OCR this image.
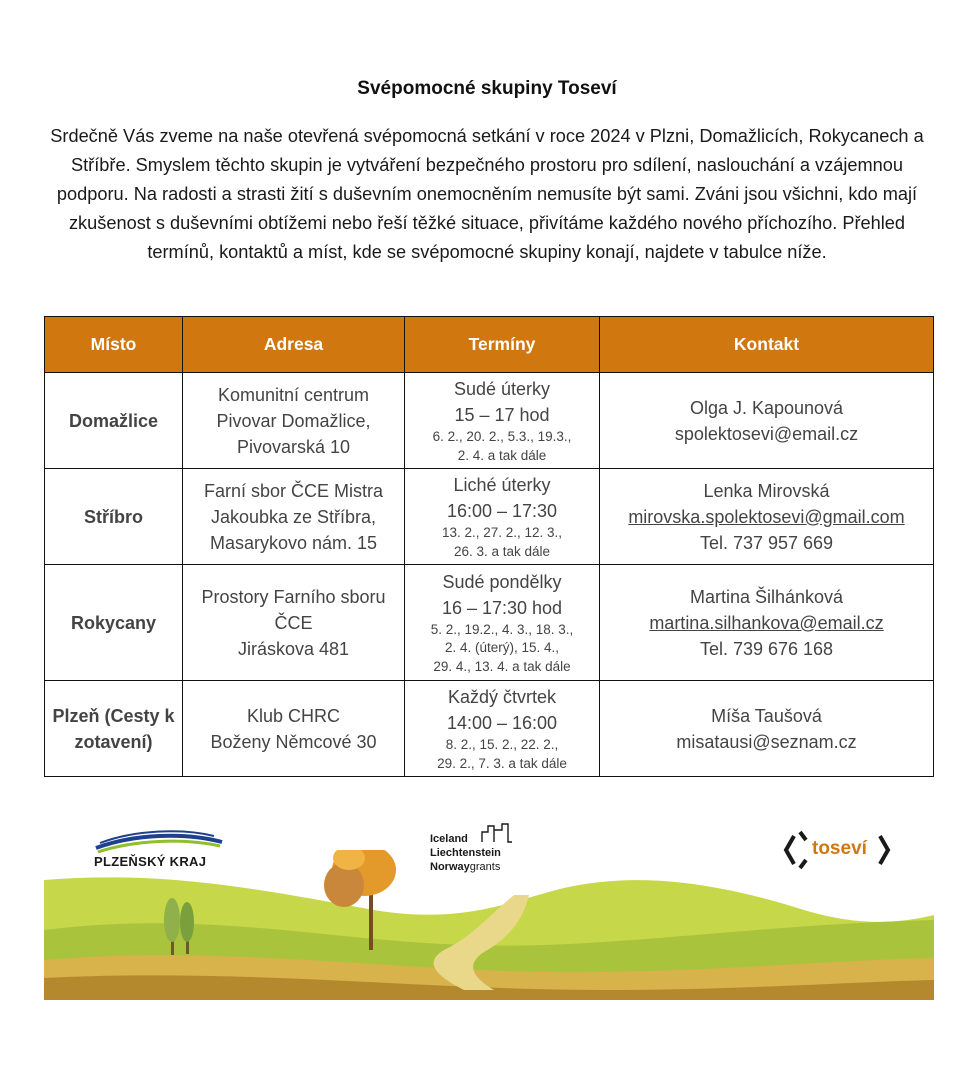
Svépomocné skupiny Toseví
Srdečně Vás zveme na naše otevřená svépomocná setkání v roce 2024 v Plzni, Domažlicích, Rokycanech a Stříbře. Smyslem těchto skupin je vytváření bezpečného prostoru pro sdílení, naslouchání a vzájemnou podporu. Na radosti a strasti žití s duševním onemocněním nemusíte být sami. Zváni jsou všichni, kdo mají zkušenost s duševními obtížemi nebo řeší těžké situace, přivítáme každého nového příchozího. Přehled termínů, kontaktů a míst, kde se svépomocné skupiny konají, najdete v tabulce níže.
Místo	Adresa	Termíny	Kontakt
Domažlice	Komunitní centrum
Pivovar Domažlice,
Pivovarská 10	Sudé úterky
15 – 17 hod
6. 2., 20. 2., 5.3., 19.3.,
2. 4. a tak dále	Olga J. Kapounová
spolektosevi@email.cz

Stříbro	Farní sbor ČCE Mistra
Jakoubka ze Stříbra,
Masarykovo nám. 15	Liché úterky
16:00 – 17:30
13. 2., 27. 2., 12. 3.,
26. 3. a tak dále	Lenka Mirovská
mirovska.spolektosevi@gmail.com
Tel. 737 957 669

Rokycany	Prostory Farního sboru
ČCE
Jiráskova 481	Sudé pondělky
16 – 17:30 hod
5. 2., 19.2., 4. 3., 18. 3.,
2. 4. (úterý), 15. 4.,
29. 4., 13. 4. a tak dále	Martina Šilhánková
martina.silhankova@email.cz
Tel. 739 676 168

Plzeň (Cesty k zotavení)	Klub CHRC
Boženy Němcové 30	Každý čtvrtek
14:00 – 16:00
8. 2., 15. 2., 22. 2.,
29. 2., 7. 3. a tak dále	Míša Taušová
misatausi@seznam.cz
PLZEŇSKÝ KRAJ
Iceland
Liechtenstein
Norwaygrants
toseví
